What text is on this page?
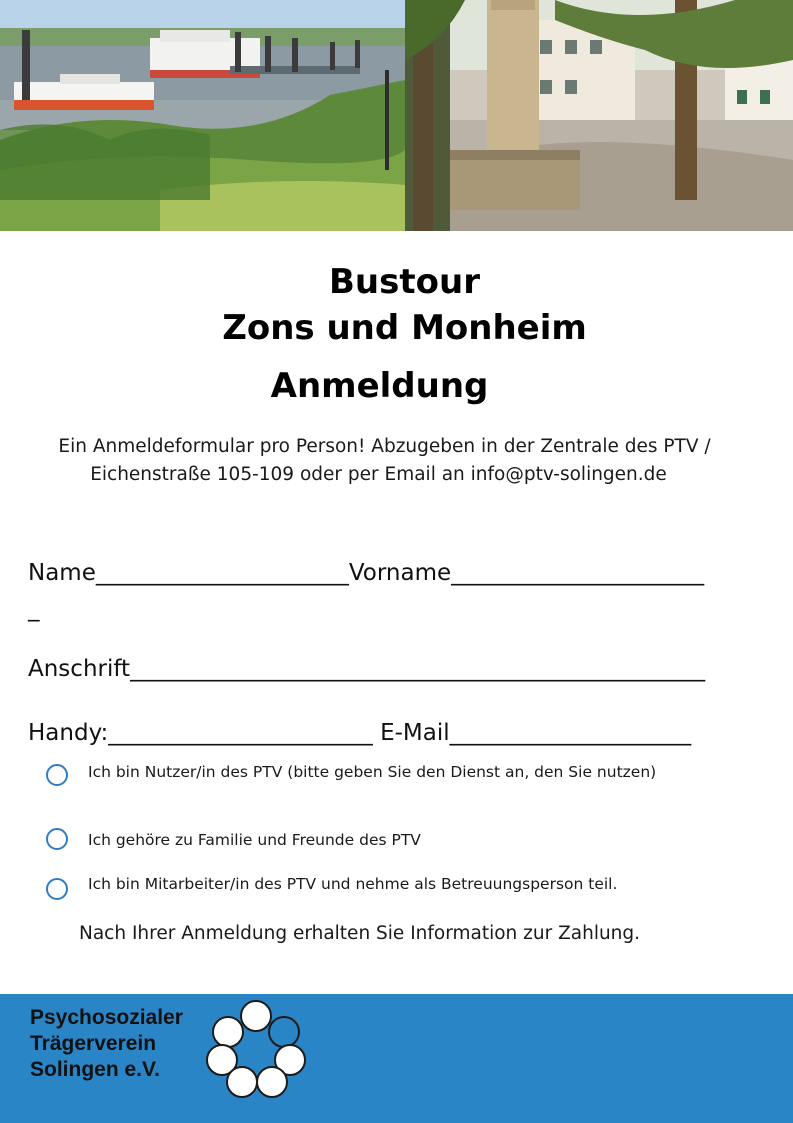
Bustour
Zons und Monheim
Anmeldung
Ein Anmeldeformular pro Person! Abzugeben in der Zentrale des PTV /
Eichenstraße 105-109 oder per Email an info@ptv-solingen.de
Name______________________Vorname______________________
_
Anschrift__________________________________________________
Handy:_______________________ E-Mail_____________________
Ich bin Nutzer/in des PTV (bitte geben Sie den Dienst an, den Sie nutzen)
Ich gehöre zu Familie und Freunde des PTV
Ich bin Mitarbeiter/in des PTV und nehme als Betreuungsperson teil.
Nach Ihrer Anmeldung erhalten Sie Information zur Zahlung.
Psychosozialer
Trägerverein
Solingen e.V.
